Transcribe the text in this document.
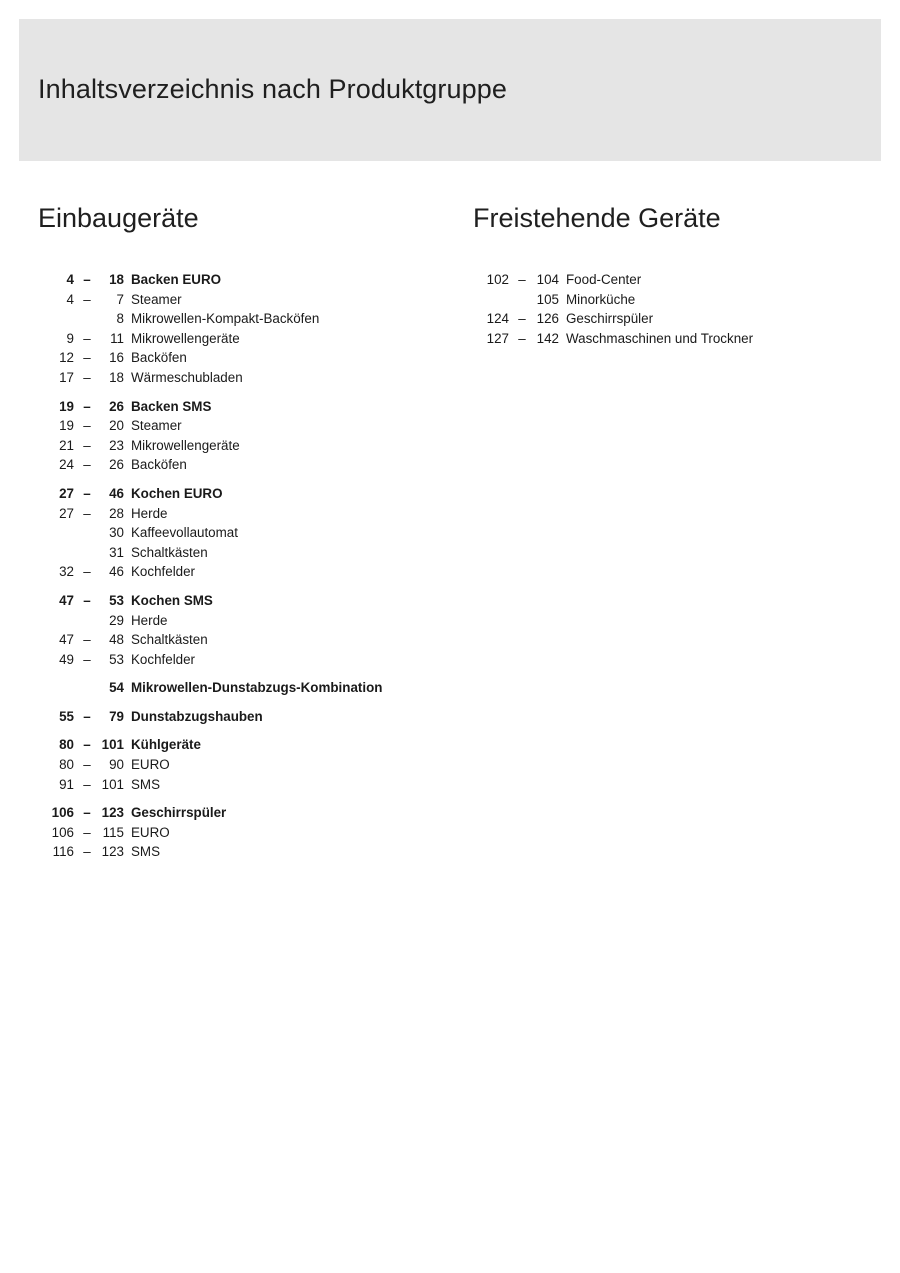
Inhaltsverzeichnis nach Produktgruppe
Einbaugeräte
4 –	18 Backen EURO
4 –	7 Steamer
8 Mikrowellen-Kompakt-Backöfen
9 –	11 Mikrowellengeräte
12 –	16 Backöfen
17 –	18 Wärmeschubladen
19 –	26 Backen SMS
19 –	20 Steamer
21 –	23 Mikrowellengeräte
24 –	26 Backöfen
27 –	46 Kochen EURO
27 –	28 Herde
30 Kaffeevollautomat
31 Schaltkästen
32 –	46 Kochfelder
47 –	53 Kochen SMS
29 Herde
47 –	48 Schaltkästen
49 –	53 Kochfelder
54 Mikrowellen-Dunstabzugs-Kombination
55 –	79 Dunstabzugshauben
80 – 101 Kühlgeräte
80 –	90 EURO
91 – 101 SMS
106 – 123 Geschirrspüler
106 – 115 EURO
116 – 123 SMS
Freistehende Geräte
102 – 104 Food-Center
105 Minorküche
124 – 126 Geschirrspüler
127 – 142 Waschmaschinen und Trockner
